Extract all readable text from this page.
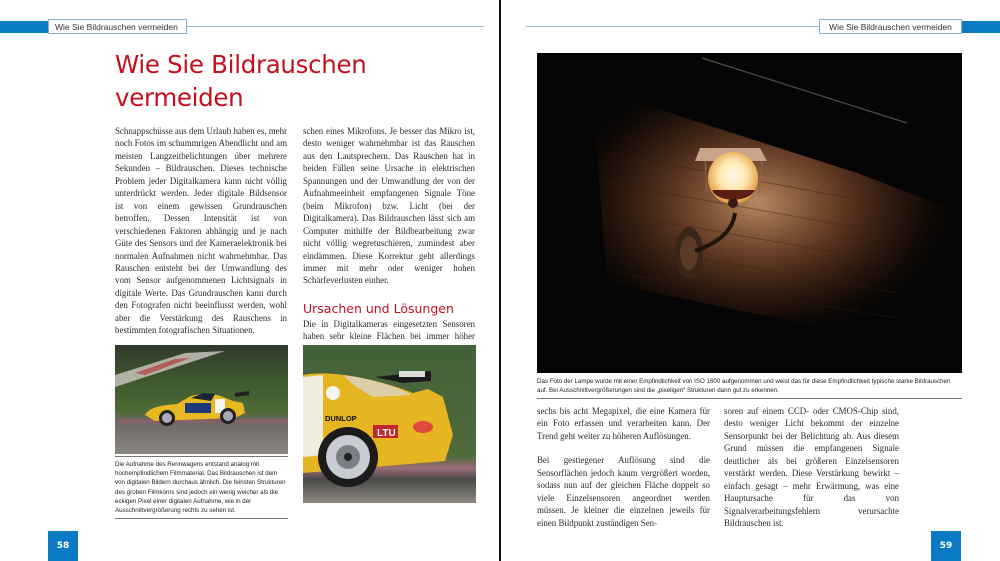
Wie Sie Bildrauschen vermeiden
Wie Sie Bildrauschen
vermeiden

Schnappschüsse aus dem Urlaub haben es, mehr noch Fotos im schummrigen Abendlicht und am meisten Langzeitbelichtungen über mehrere Sekunden – Bildrauschen. Dieses technische Problem jeder Digitalkamera kann nicht völlig unterdrückt werden. Jeder digitale Bildsensor ist von einem gewissen Grundrauschen betroffen. Dessen Intensität ist von verschiedenen Faktoren abhängig und je nach Güte des Sensors und der Kameraelektronik bei normalen Aufnahmen nicht wahrnehmbar. Das Rauschen entsteht bei der Umwandlung des vom Sensor aufgenommenen Lichtsignals in digitale Werte. Das Grundrauschen kann durch den Fotografen nicht beeinflusst werden, wohl aber die Verstärkung des Rauschens in bestimmten fotografischen Situationen.

schen eines Mikrofons. Je besser das Mikro ist, desto weniger wahrnehmbar ist das Rauschen aus den Lautsprechern. Das Rauschen hat in beiden Fällen seine Ursache in elektrischen Spannungen und der Umwandlung der von der Aufnahmeeinheit empfangenen Signale Töne (beim Mikrofon) bzw. Licht (bei der Digitalkamera). Das Bildrauschen lässt sich am Computer mithilfe der Bildbearbeitung zwar nicht völlig wegretuschieren, zumindest aber eindämmen. Diese Korrektur geht allerdings immer mit mehr oder weniger hohen Schärfeverlusten einher.

Ursachen und Lösungen

Die in Digitalkameras eingesetzten Sensoren haben sehr kleine Flächen bei immer höher

Die Aufnahme des Rennwagens entstand analog mit hochempfindlichem Filmmaterial. Das Bildrauschen ist dem von digitalen Bildern durchaus ähnlich. Die feinsten Strukturen des groben Filmkorns sind jedoch ein wenig weicher als die eckigen Pixel einer digitalen Aufnahme, wie in der Ausschnittvergrößerung rechts zu sehen ist.
DUNLOP
LTU
58
Wie Sie Bildrauschen vermeiden
Das Foto der Lampe wurde mit einer Empfindlichkeit von ISO 1600 aufgenommen und weist das für diese Empfindlichkeit typische starke Bildrauschen auf. Bei Ausschnittvergrößerungen sind die „pixeligen“ Strukturen dann gut zu erkennen.

sechs bis acht Megapixel, die eine Kamera für ein Foto erfassen und verarbeiten kann. Der Trend geht weiter zu höheren Auflösungen.

Bei gestiegener Auflösung sind die Sensorflächen jedoch kaum vergrößert worden, sodass nun auf der gleichen Fläche doppelt so viele Einzelsensoren angeordnet werden müssen. Je kleiner die einzelnen jeweils für einen Bildpunkt zuständigen Sen-

soren auf einem CCD- oder CMOS-Chip sind, desto weniger Licht bekommt der einzelne Sensorpunkt bei der Belichtung ab. Aus diesem Grund müssen die empfangenen Signale deutlicher als bei größeren Einzelsensoren verstärkt werden. Diese Verstärkung bewirkt – einfach gesagt – mehr Erwärmung, was eine Hauptursache für das von Signalverarbeitungsfehlern verursachte Bildrauschen ist.

59
